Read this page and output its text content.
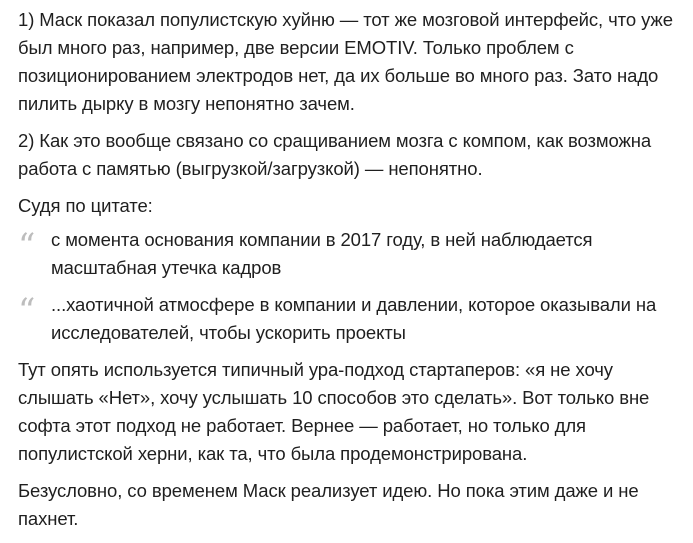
1) Маск показал популистскую хуйню — тот же мозговой интерфейс, что уже был много раз, например, две версии EMOTIV. Только проблем с позиционированием электродов нет, да их больше во много раз. Зато надо пилить дырку в мозгу непонятно зачем.

2) Как это вообще связано со сращиванием мозга с компом, как возможна работа с памятью (выгрузкой/загрузкой) — непонятно.

Судя по цитате:

“ с момента основания компании в 2017 году, в ней наблюдается масштабная утечка кадров
“ ...хаотичной атмосфере в компании и давлении, которое оказывали на исследователей, чтобы ускорить проекты

Тут опять используется типичный ура-подход стартаперов: «я не хочу слышать «Нет», хочу услышать 10 способов это сделать». Вот только вне софта этот подход не работает. Вернее — работает, но только для популистской херни, как та, что была продемонстрирована.

Безусловно, со временем Маск реализует идею. Но пока этим даже и не пахнет.
